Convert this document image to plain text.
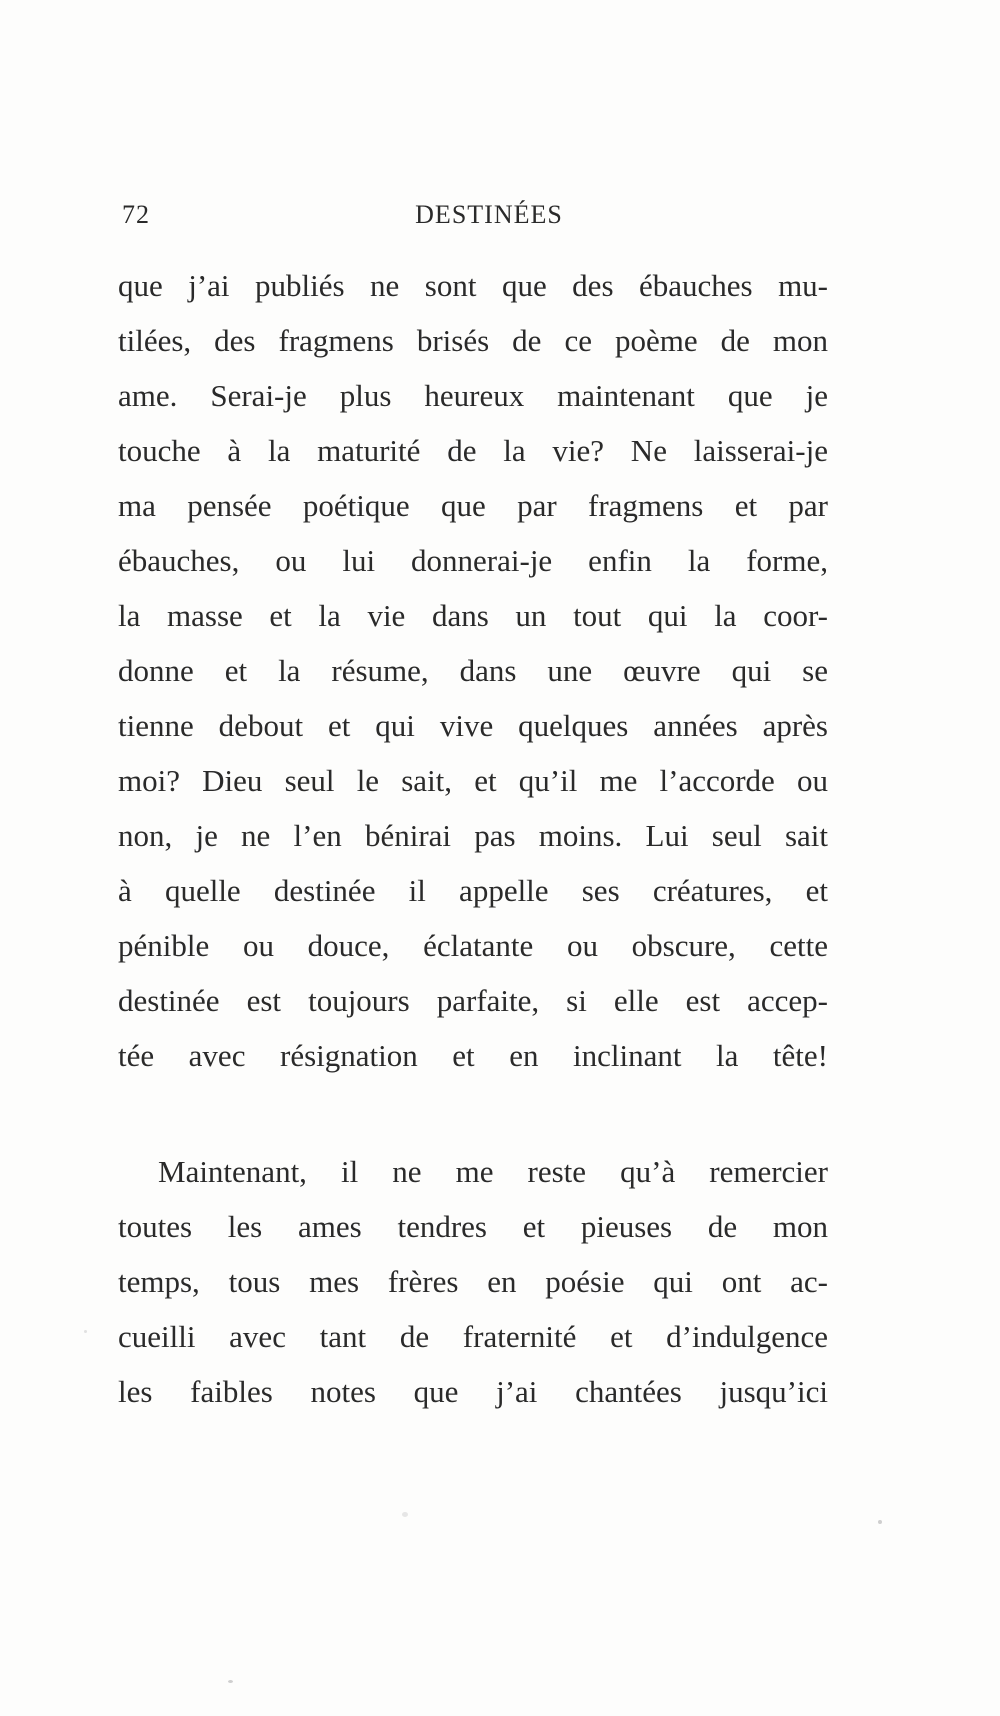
72	DESTINÉES
que j’ai publiés ne sont que des ébauches mu-
tilées, des fragmens brisés de ce poème de mon
ame. Serai-je plus heureux maintenant que je
touche à la maturité de la vie? Ne laisserai-je
ma pensée poétique que par fragmens et par
ébauches, ou lui donnerai-je enfin la forme,
la masse et la vie dans un tout qui la coor-
donne et la résume, dans une œuvre qui se
tienne debout et qui vive quelques années après
moi? Dieu seul le sait, et qu’il me l’accorde ou
non, je ne l’en bénirai pas moins. Lui seul sait
à quelle destinée il appelle ses créatures, et
pénible ou douce, éclatante ou obscure, cette
destinée est toujours parfaite, si elle est accep-
tée avec résignation et en inclinant la tête!
Maintenant, il ne me reste qu’à remercier
toutes les ames tendres et pieuses de mon
temps, tous mes frères en poésie qui ont ac-
cueilli avec tant de fraternité et d’indulgence
les faibles notes que j’ai chantées jusqu’ici
